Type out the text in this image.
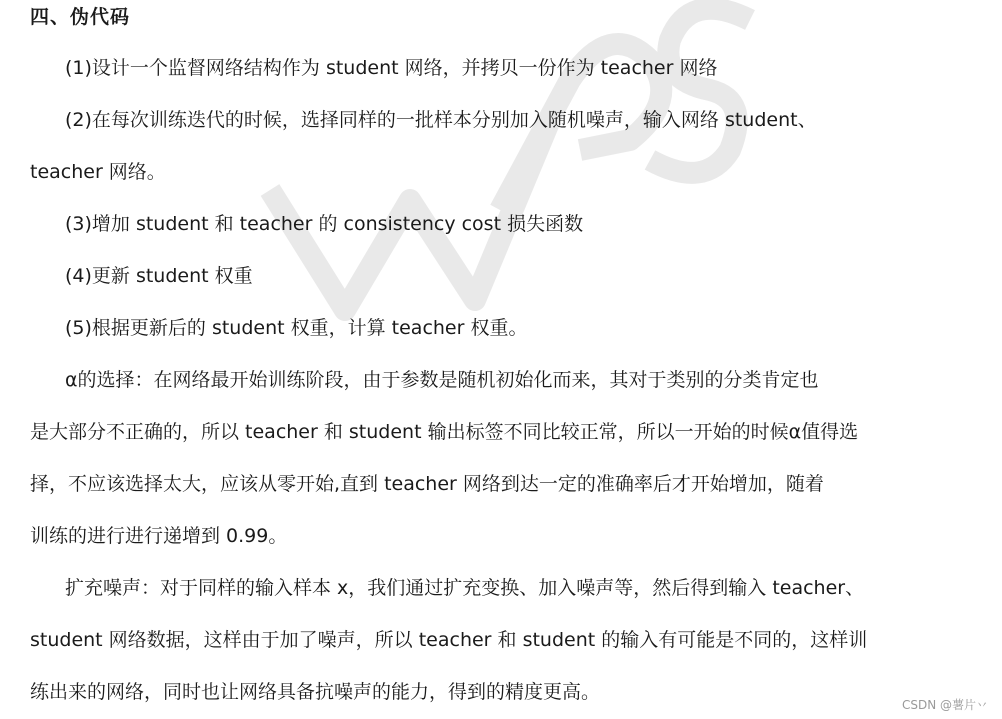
四、伪代码
(1)设计一个监督网络结构作为 student 网络，并拷贝一份作为 teacher 网络
(2)在每次训练迭代的时候，选择同样的一批样本分别加入随机噪声，输入网络 student、
teacher 网络。
(3)增加 student 和 teacher 的 consistency cost 损失函数
(4)更新 student 权重
(5)根据更新后的 student 权重，计算 teacher 权重。
α的选择：在网络最开始训练阶段，由于参数是随机初始化而来，其对于类别的分类肯定也
是大部分不正确的，所以 teacher 和 student 输出标签不同比较正常，所以一开始的时候α值得选
择，不应该选择太大，应该从零开始,直到 teacher 网络到达一定的准确率后才开始增加，随着
训练的进行进行递增到 0.99。
扩充噪声：对于同样的输入样本 x，我们通过扩充变换、加入噪声等，然后得到输入 teacher、
student 网络数据，这样由于加了噪声，所以 teacher 和 student 的输入有可能是不同的，这样训
练出来的网络，同时也让网络具备抗噪声的能力，得到的精度更高。
CSDN @薯片丷
